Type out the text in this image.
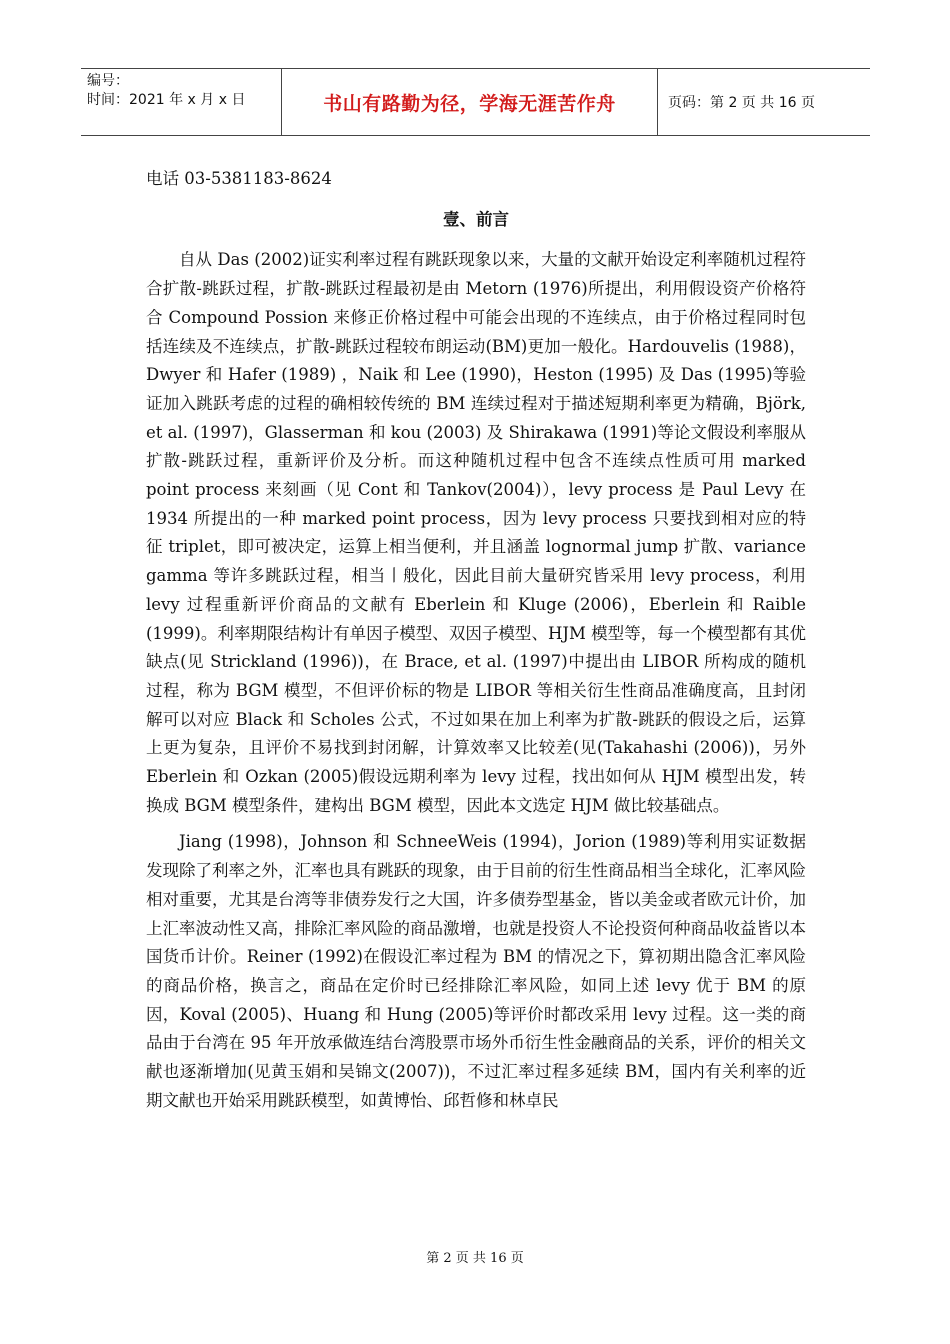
编号：
时间：2021 年 x 月 x 日	书山有路勤为径，学海无涯苦作舟	页码：第 2 页 共 16 页

电话 03-5381183-8624

壹、前言

自从 Das (2002)证实利率过程有跳跃现象以来，大量的文献开始设定利率随机过程符合扩散-跳跃过程，扩散-跳跃过程最初是由 Metorn (1976)所提出，利用假设资产价格符合 Compound Possion 来修正价格过程中可能会出现的不连续点，由于价格过程同时包括连续及不连续点，扩散-跳跃过程较布朗运动(BM)更加一般化。Hardouvelis (1988)， Dwyer 和 Hafer (1989) ，Naik 和 Lee (1990)，Heston (1995) 及 Das (1995)等验证加入跳跃考虑的过程的确相较传统的 BM 连续过程对于描述短期利率更为精确，Björk, et al. (1997)，Glasserman 和 kou (2003) 及 Shirakawa (1991)等论文假设利率服从扩散-跳跃过程，重新评价及分析。而这种随机过程中包含不连续点性质可用 marked point process 来刻画（见 Cont 和 Tankov(2004)），levy process 是 Paul Levy 在 1934 所提出的一种 marked point process，因为 levy process 只要找到相对应的特征 triplet，即可被决定，运算上相当便利，并且涵盖 lognormal jump 扩散、variance gamma 等许多跳跃过程，相当丨般化，因此目前大量研究皆采用 levy process，利用 levy 过程重新评价商品的文献有 Eberlein 和 Kluge (2006)，Eberlein 和 Raible (1999)。利率期限结构计有单因子模型、双因子模型、HJM 模型等，每一个模型都有其优缺点(见 Strickland (1996))，在 Brace, et al. (1997)中提出由 LIBOR 所构成的随机过程，称为 BGM 模型，不但评价标的物是 LIBOR 等相关衍生性商品准确度高，且封闭解可以对应 Black 和 Scholes 公式，不过如果在加上利率为扩散-跳跃的假设之后，运算上更为复杂，且评价不易找到封闭解，计算效率又比较差(见(Takahashi (2006))，另外 Eberlein 和 Ozkan (2005)假设远期利率为 levy 过程，找出如何从 HJM 模型出发，转换成 BGM 模型条件，建构出 BGM 模型，因此本文选定 HJM 做比较基础点。

Jiang (1998)，Johnson 和 SchneeWeis (1994)，Jorion (1989)等利用实证数据发现除了利率之外，汇率也具有跳跃的现象，由于目前的衍生性商品相当全球化，汇率风险相对重要，尤其是台湾等非债券发行之大国，许多债券型基金，皆以美金或者欧元计价，加上汇率波动性又高，排除汇率风险的商品激增，也就是投资人不论投资何种商品收益皆以本国货币计价。Reiner (1992)在假设汇率过程为 BM 的情况之下，算初期出隐含汇率风险的商品价格，换言之，商品在定价时已经排除汇率风险，如同上述 levy 优于 BM 的原因，Koval (2005)、Huang 和 Hung (2005)等评价时都改采用 levy 过程。这一类的商品由于台湾在 95 年开放承做连结台湾股票市场外币衍生性金融商品的关系，评价的相关文献也逐渐增加(见黄玉娟和吴锦文(2007))，不过汇率过程多延续 BM，国内有关利率的近期文献也开始采用跳跃模型，如黄博怡、邱哲修和林卓民

第 2 页 共 16 页
